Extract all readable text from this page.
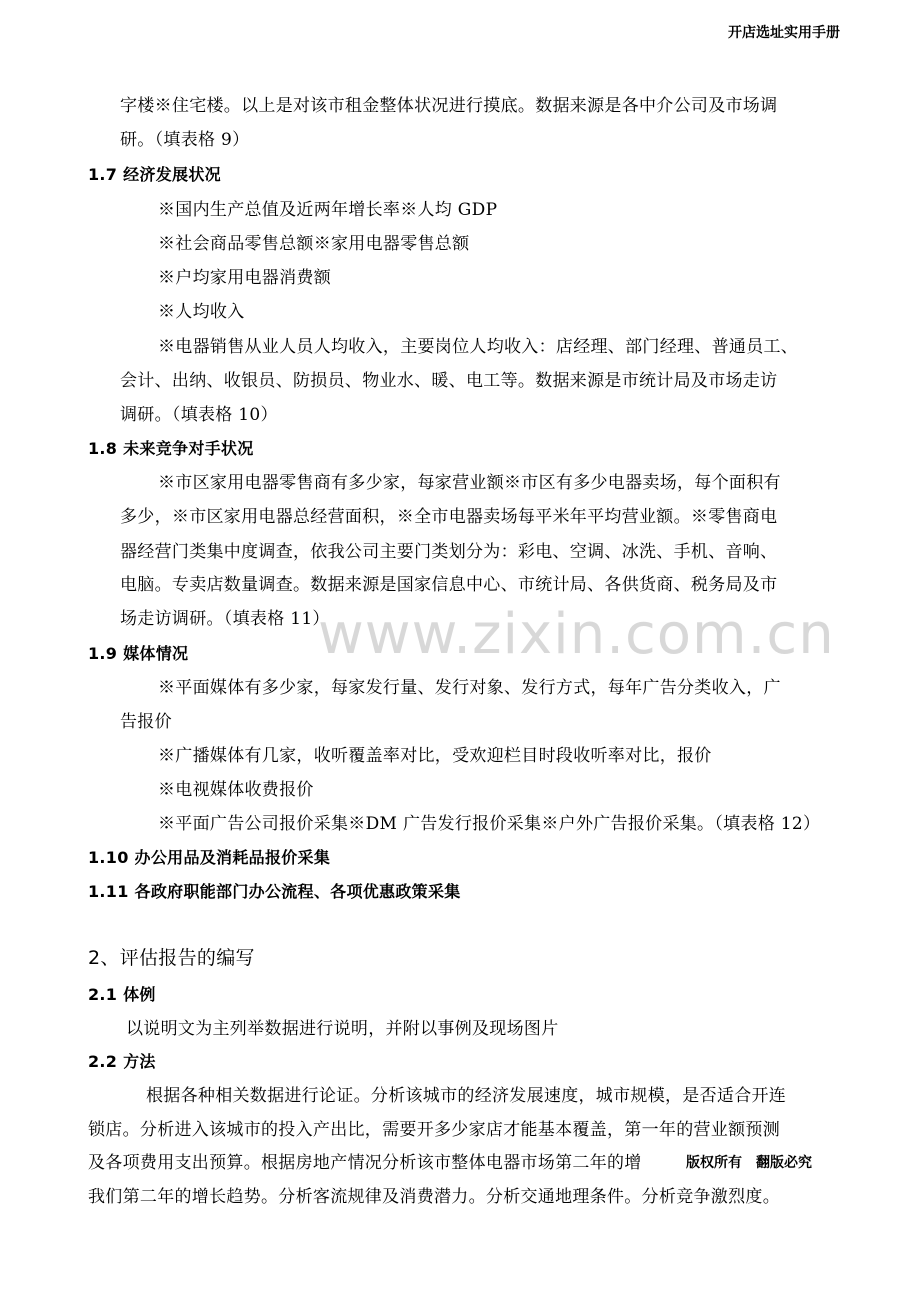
开店选址实用手册
字楼※住宅楼。以上是对该市租金整体状况进行摸底。数据来源是各中介公司及市场调
研。（填表格 9）
1.7 经济发展状况
※国内生产总值及近两年增长率※人均 GDP
※社会商品零售总额※家用电器零售总额
※户均家用电器消费额
※人均收入
※电器销售从业人员人均收入，主要岗位人均收入：店经理、部门经理、普通员工、
会计、出纳、收银员、防损员、物业水、暖、电工等。数据来源是市统计局及市场走访
调研。（填表格 10）
1.8 未来竞争对手状况
※市区家用电器零售商有多少家，每家营业额※市区有多少电器卖场，每个面积有
多少，※市区家用电器总经营面积，※全市电器卖场每平米年平均营业额。※零售商电
器经营门类集中度调查，依我公司主要门类划分为：彩电、空调、冰洗、手机、音响、
电脑。专卖店数量调查。数据来源是国家信息中心、市统计局、各供货商、税务局及市
场走访调研。（填表格 11）
1.9 媒体情况
※平面媒体有多少家，每家发行量、发行对象、发行方式，每年广告分类收入，广
告报价
※广播媒体有几家，收听覆盖率对比，受欢迎栏目时段收听率对比，报价
※电视媒体收费报价
※平面广告公司报价采集※DM 广告发行报价采集※户外广告报价采集。（填表格 12）
1.10 办公用品及消耗品报价采集
1.11 各政府职能部门办公流程、各项优惠政策采集
2、评估报告的编写
2.1 体例
以说明文为主列举数据进行说明，并附以事例及现场图片
2.2 方法
根据各种相关数据进行论证。分析该城市的经济发展速度，城市规模，是否适合开连
锁店。分析进入该城市的投入产出比，需要开多少家店才能基本覆盖，第一年的营业额预测
及各项费用支出预算。根据房地产情况分析该市整体电器市场第二年的增
我们第二年的增长趋势。分析客流规律及消费潜力。分析交通地理条件。分析竞争激烈度。
www.zixin.com.cn
版权所有 翻版必究
